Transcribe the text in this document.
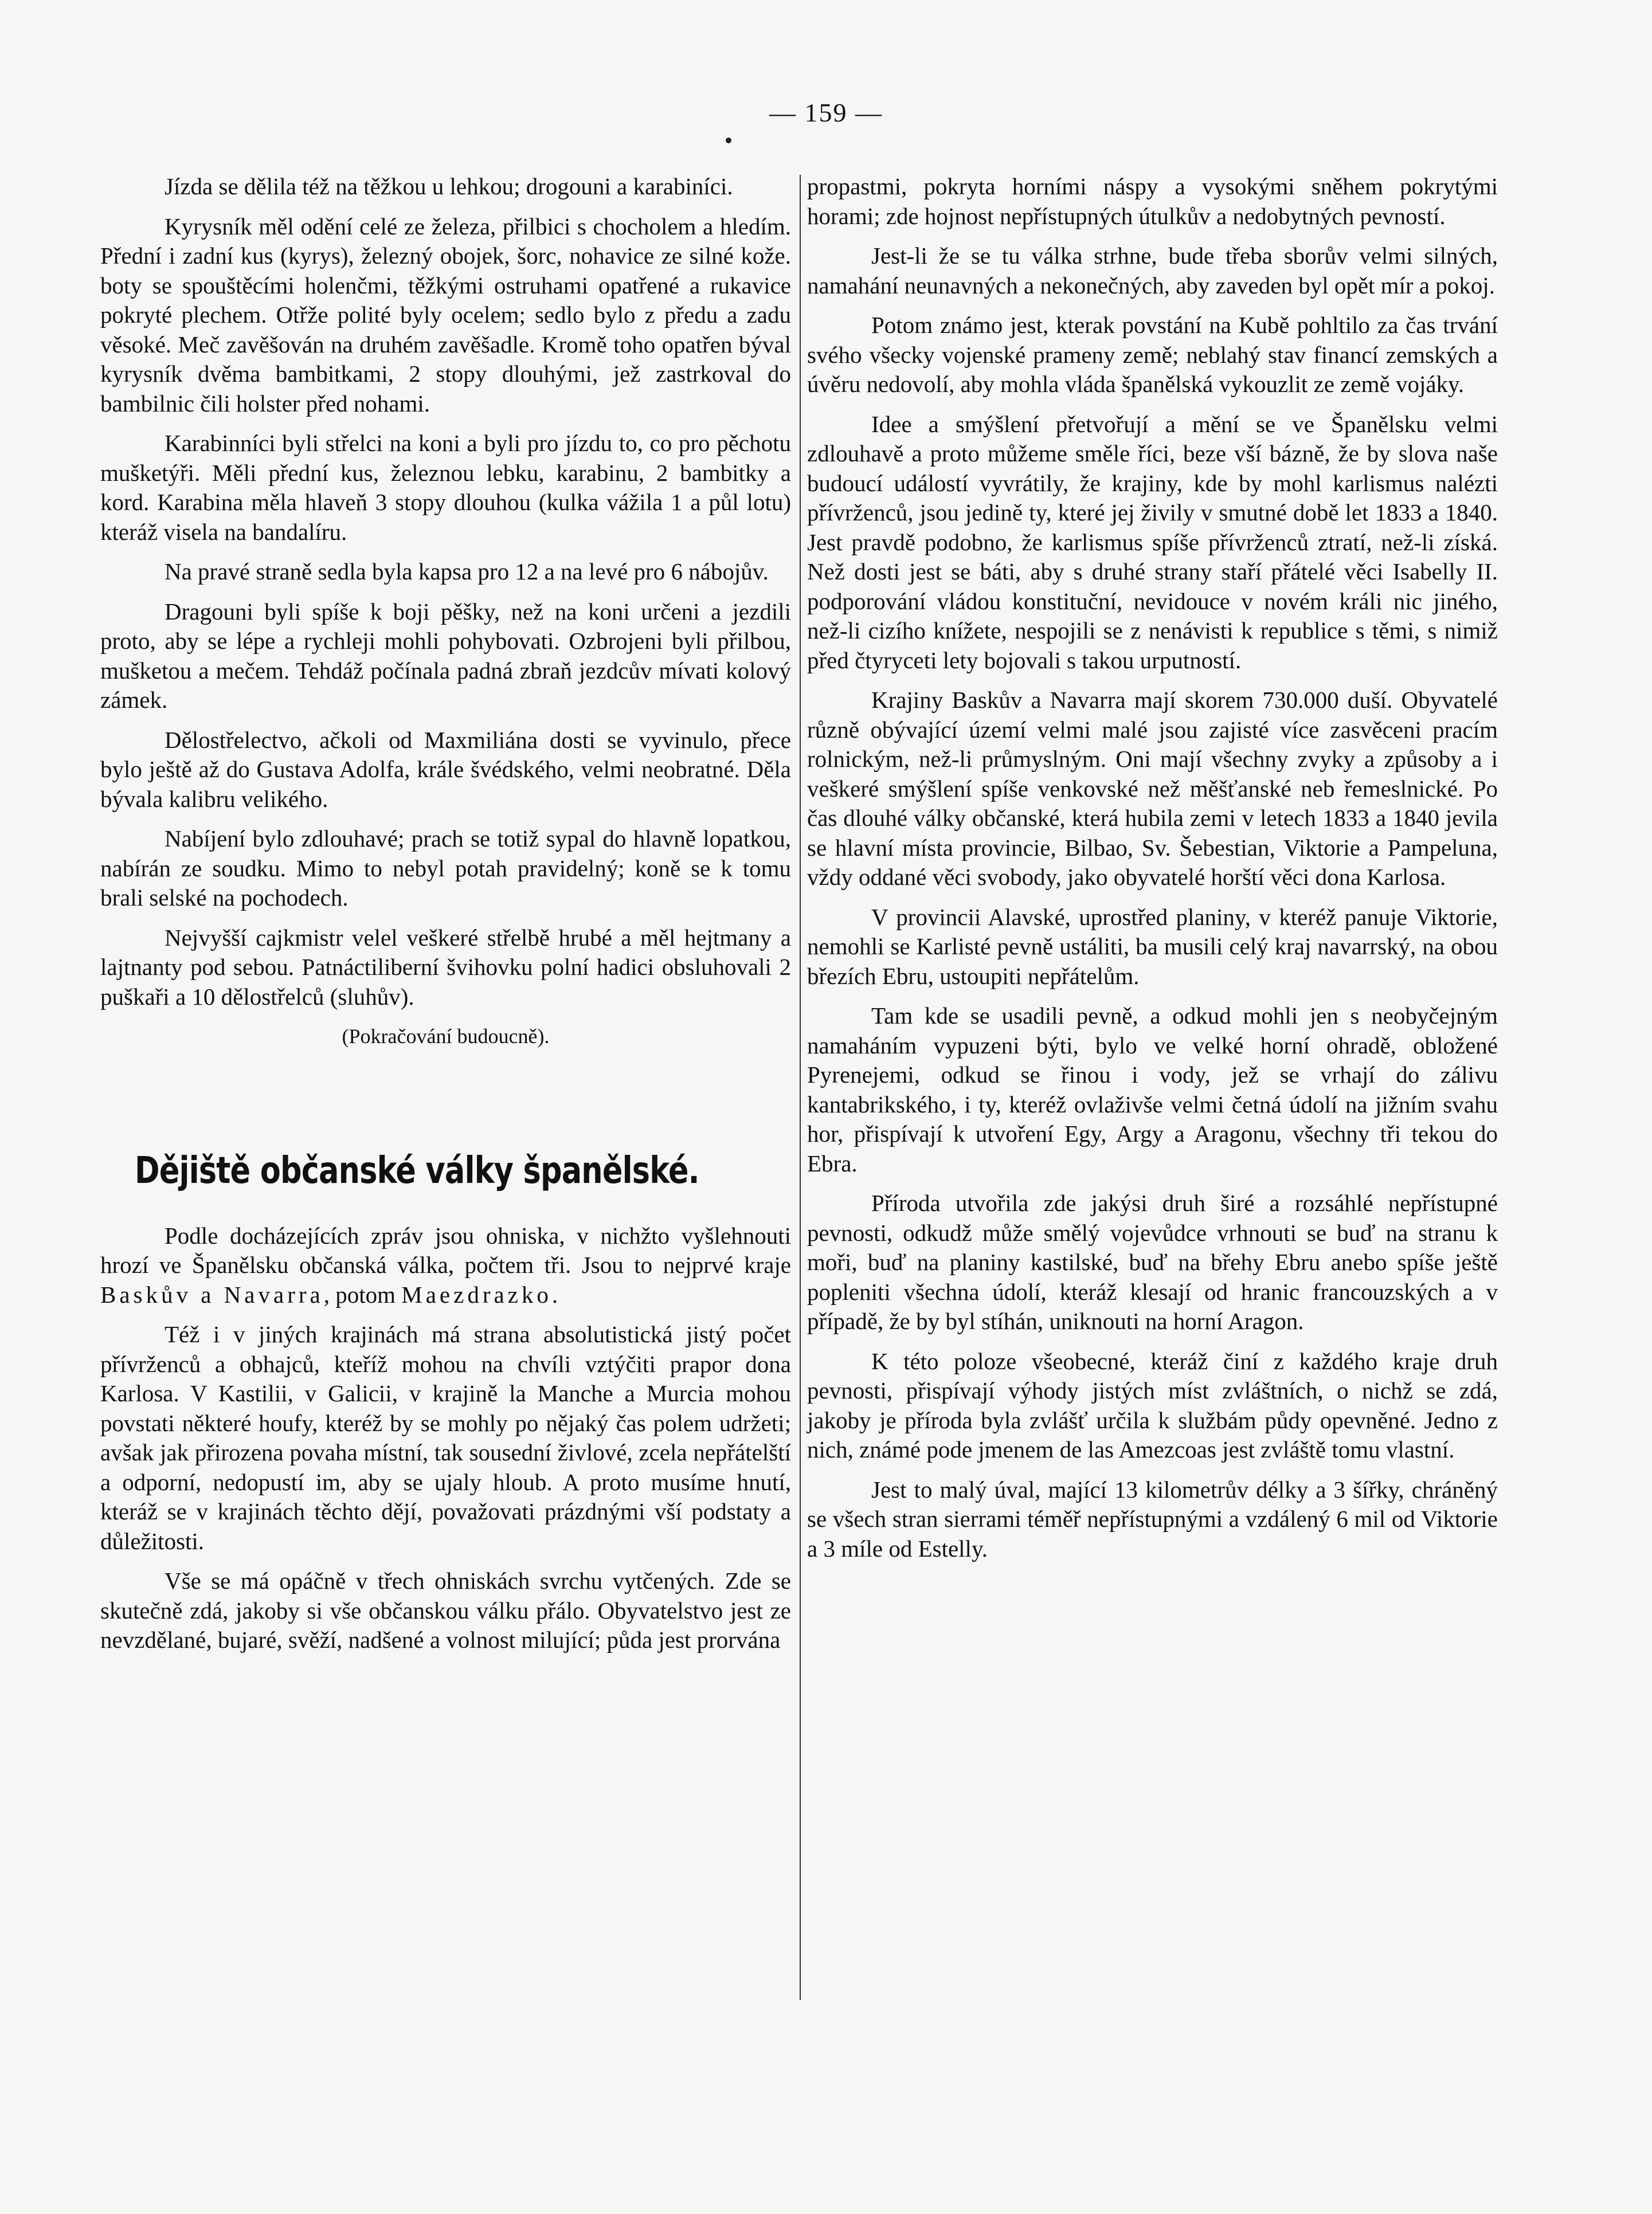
— 159 —

Jízda se dělila též na těžkou u lehkou; drogouni a karabiníci.

Kyrysník měl odění celé ze železa, přilbici s chocholem a hledím. Přední i zadní kus (kyrys), železný obojek, šorc, nohavice ze silné kože. boty se spouštěcími holenčmi, těžkými ostruhami opatřené a rukavice pokryté plechem. Otřže polité byly ocelem; sedlo bylo z předu a zadu věsoké. Meč zavěšován na druhém zavěšadle. Kromě toho opatřen býval kyrysník dvěma bambitkami, 2 stopy dlouhými, jež zastrkoval do bambilnic čili holster před nohami.

Karabinníci byli střelci na koni a byli pro jízdu to, co pro pěchotu mušketýři. Měli přední kus, železnou lebku, karabinu, 2 bambitky a kord. Karabina měla hlaveň 3 stopy dlouhou (kulka vážila 1 a půl lotu) kteráž visela na bandalíru.

Na pravé straně sedla byla kapsa pro 12 a na levé pro 6 nábojův.

Dragouni byli spíše k boji pěšky, než na koni určeni a jezdili proto, aby se lépe a rychleji mohli pohybovati. Ozbrojeni byli přilbou, mušketou a mečem. Tehdáž počínala padná zbraň jezdcův mívati kolový zámek.

Dělostřelectvo, ačkoli od Maxmiliána dosti se vyvinulo, přece bylo ještě až do Gustava Adolfa, krále švédského, velmi neobratné. Děla bývala kalibru velikého.

Nabíjení bylo zdlouhavé; prach se totiž sypal do hlavně lopatkou, nabírán ze soudku. Mimo to nebyl potah pravidelný; koně se k tomu brali selské na pochodech.

Nejvyšší cajkmistr velel veškeré střelbě hrubé a měl hejtmany a lajtnanty pod sebou. Patnáctiliberní švihovku polní hadici obsluhovali 2 puškaři a 10 dělostřelců (sluhův).

(Pokračování budoucně).

Dějiště občanské války španělské.

Podle docházejících zpráv jsou ohniska, v nichžto vyšlehnouti hrozí ve Španělsku občanská válka, počtem tři. Jsou to nejprvé kraje Baskův a Navarra, potom Maezdrazko.

Též i v jiných krajinách má strana absolutistická jistý počet přívrženců a obhajců, kteříž mohou na chvíli vztýčiti prapor dona Karlosa. V Kastilii, v Galicii, v krajině la Manche a Murcia mohou povstati některé houfy, kteréž by se mohly po nějaký čas polem udržeti; avšak jak přirozena povaha místní, tak sousední živlové, zcela nepřátelští a odporní, nedopustí im, aby se ujaly hloub. A proto musíme hnutí, kteráž se v krajinách těchto dějí, považovati prázdnými vší podstaty a důležitosti.

Vše se má opáčně v třech ohniskách svrchu vytčených. Zde se skutečně zdá, jakoby si vše občanskou válku přálo. Obyvatelstvo jest ze nevzdělané, bujaré, svěží, nadšené a volnost milující; půda jest prorvána

propastmi, pokryta horními náspy a vysokými sněhem pokrytými horami; zde hojnost nepřístupných útulkův a nedobytných pevností.

Jest-li že se tu válka strhne, bude třeba sborův velmi silných, namahání neunavných a nekonečných, aby zaveden byl opět mír a pokoj.

Potom známo jest, kterak povstání na Kubě pohltilo za čas trvání svého všecky vojenské prameny země; neblahý stav financí zemských a úvěru nedovolí, aby mohla vláda španělská vykouzlit ze země vojáky.

Idee a smýšlení přetvořují a mění se ve Španělsku velmi zdlouhavě a proto můžeme směle říci, beze vší bázně, že by slova naše budoucí událostí vyvrátily, že krajiny, kde by mohl karlismus nalézti přívrženců, jsou jedině ty, které jej živily v smutné době let 1833 a 1840. Jest pravdě podobno, že karlismus spíše přívrženců ztratí, než-li získá. Než dosti jest se báti, aby s druhé strany staří přátelé věci Isabelly II. podporování vládou konstituční, nevidouce v novém králi nic jiného, než-li cizího knížete, nespojili se z nenávisti k republice s těmi, s nimiž před čtyryceti lety bojovali s takou urputností.

Krajiny Baskův a Navarra mají skorem 730.000 duší. Obyvatelé různě obývající území velmi malé jsou zajisté více zasvěceni pracím rolnickým, než-li průmyslným. Oni mají všechny zvyky a způsoby a i veškeré smýšlení spíše venkovské než měšťanské neb řemeslnické. Po čas dlouhé války občanské, která hubila zemi v letech 1833 a 1840 jevila se hlavní místa provincie, Bilbao, Sv. Šebestian, Viktorie a Pampeluna, vždy oddané věci svobody, jako obyvatelé horští věci dona Karlosa.

V provincii Alavské, uprostřed planiny, v kteréž panuje Viktorie, nemohli se Karlisté pevně ustáliti, ba musili celý kraj navarrský, na obou březích Ebru, ustoupiti nepřátelům.

Tam kde se usadili pevně, a odkud mohli jen s neobyčejným namaháním vypuzeni býti, bylo ve velké horní ohradě, obložené Pyrenejemi, odkud se řinou i vody, jež se vrhají do zálivu kantabrikského, i ty, kteréž ovlaživše velmi četná údolí na jižním svahu hor, přispívají k utvoření Egy, Argy a Aragonu, všechny tři tekou do Ebra.

Příroda utvořila zde jakýsi druh širé a rozsáhlé nepřístupné pevnosti, odkudž může smělý vojevůdce vrhnouti se buď na stranu k moři, buď na planiny kastilské, buď na břehy Ebru anebo spíše ještě popleniti všechna údolí, kteráž klesají od hranic francouzských a v případě, že by byl stíhán, uniknouti na horní Aragon.

K této poloze všeobecné, kteráž činí z každého kraje druh pevnosti, přispívají výhody jistých míst zvláštních, o nichž se zdá, jakoby je příroda byla zvlášť určila k službám půdy opevněné. Jedno z nich, známé pode jmenem de las Amezcoas jest zvláště tomu vlastní.

Jest to malý úval, mající 13 kilometrův délky a 3 šířky, chráněný se všech stran sierrami téměř nepřístupnými a vzdálený 6 mil od Viktorie a 3 míle od Estelly.
